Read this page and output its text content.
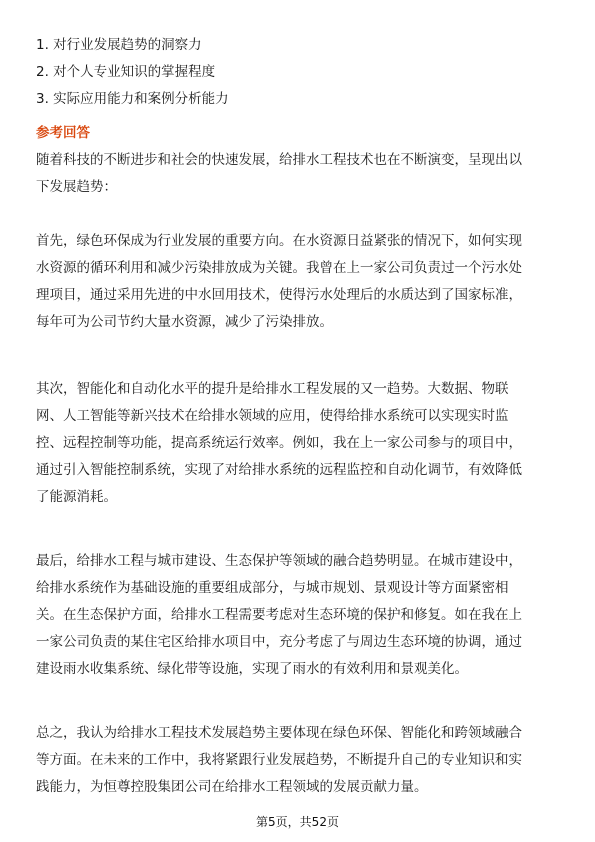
1. 对行业发展趋势的洞察力
2. 对个人专业知识的掌握程度
3. 实际应用能力和案例分析能力
参考回答
随着科技的不断进步和社会的快速发展，给排水工程技术也在不断演变，呈现出以
下发展趋势：
首先，绿色环保成为行业发展的重要方向。在水资源日益紧张的情况下，如何实现
水资源的循环利用和减少污染排放成为关键。我曾在上一家公司负责过一个污水处
理项目，通过采用先进的中水回用技术，使得污水处理后的水质达到了国家标准，
每年可为公司节约大量水资源，减少了污染排放。
其次，智能化和自动化水平的提升是给排水工程发展的又一趋势。大数据、物联
网、人工智能等新兴技术在给排水领域的应用，使得给排水系统可以实现实时监
控、远程控制等功能，提高系统运行效率。例如，我在上一家公司参与的项目中，
通过引入智能控制系统，实现了对给排水系统的远程监控和自动化调节，有效降低
了能源消耗。
最后，给排水工程与城市建设、生态保护等领域的融合趋势明显。在城市建设中，
给排水系统作为基础设施的重要组成部分，与城市规划、景观设计等方面紧密相
关。在生态保护方面，给排水工程需要考虑对生态环境的保护和修复。如在我在上
一家公司负责的某住宅区给排水项目中，充分考虑了与周边生态环境的协调，通过
建设雨水收集系统、绿化带等设施，实现了雨水的有效利用和景观美化。
总之，我认为给排水工程技术发展趋势主要体现在绿色环保、智能化和跨领域融合
等方面。在未来的工作中，我将紧跟行业发展趋势，不断提升自己的专业知识和实
践能力，为恒尊控股集团公司在给排水工程领域的发展贡献力量。
第5页，共52页
